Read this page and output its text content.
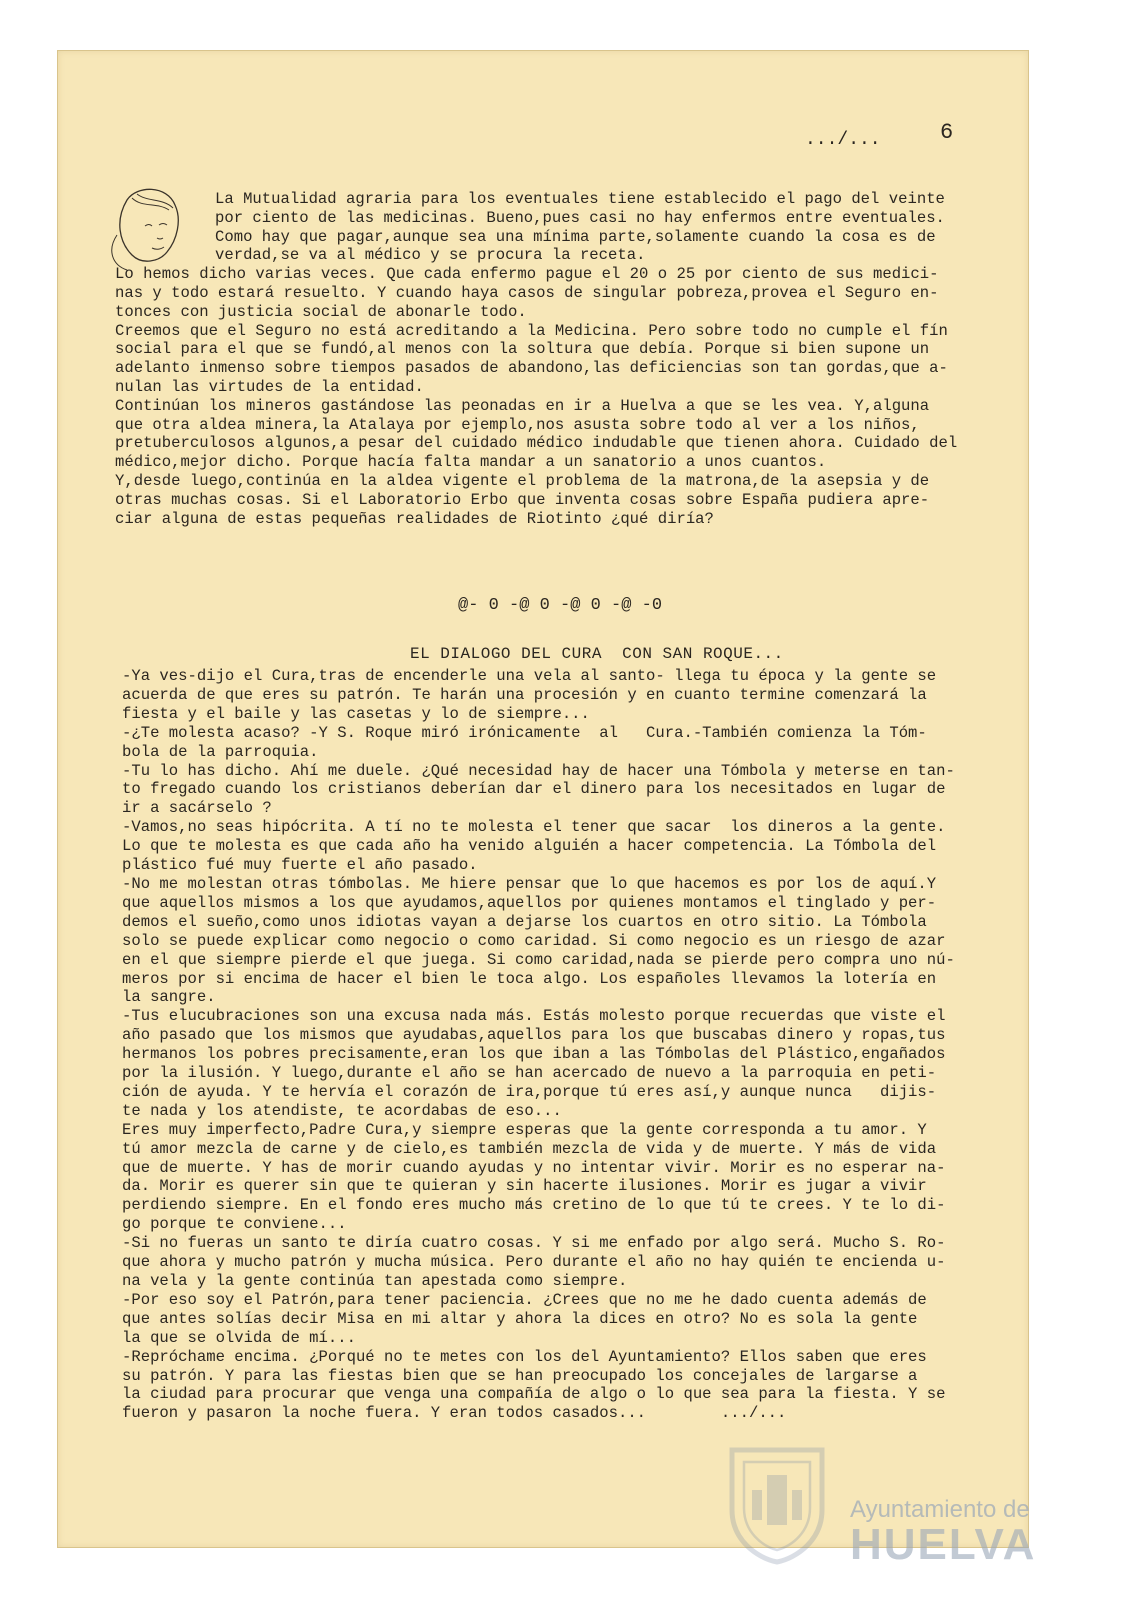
.../...	6

La Mutualidad agraria para los eventuales tiene establecido el pago del veinte

por ciento de las medicinas. Bueno,pues casi no hay enfermos entre eventuales.

Como hay que pagar,aunque sea una mínima parte,solamente cuando la cosa es de

verdad,se va al médico y se procura la receta.

Lo hemos dicho varias veces. Que cada enfermo pague el 20 o 25 por ciento de sus medici-

nas y todo estará resuelto. Y cuando haya casos de singular pobreza,provea el Seguro en-

tonces con justicia social de abonarle todo.

Creemos que el Seguro no está acreditando a la Medicina. Pero sobre todo no cumple el fín

social para el que se fundó,al menos con la soltura que debía. Porque si bien supone un

adelanto inmenso sobre tiempos pasados de abandono,las deficiencias son tan gordas,que a-

nulan las virtudes de la entidad.

Continúan los mineros gastándose las peonadas en ir a Huelva a que se les vea. Y,alguna

que otra aldea minera,la Atalaya por ejemplo,nos asusta sobre todo al ver a los niños,

pretuberculosos algunos,a pesar del cuidado médico indudable que tienen ahora. Cuidado del

médico,mejor dicho. Porque hacía falta mandar a un sanatorio a unos cuantos.

Y,desde luego,continúa en la aldea vigente el problema de la matrona,de la asepsia y de

otras muchas cosas. Si el Laboratorio Erbo que inventa cosas sobre España pudiera apre-

ciar alguna de estas pequeñas realidades de Riotinto ¿qué diría?

@- 0 -@ 0 -@ 0 -@ -0
EL DIALOGO DEL CURA  CON SAN ROQUE...

-Ya ves-dijo el Cura,tras de encenderle una vela al santo- llega tu época y la gente se

acuerda de que eres su patrón. Te harán una procesión y en cuanto termine comenzará la

fiesta y el baile y las casetas y lo de siempre...

-¿Te molesta acaso? -Y S. Roque miró irónicamente  al   Cura.-También comienza la Tóm-

bola de la parroquia.

-Tu lo has dicho. Ahí me duele. ¿Qué necesidad hay de hacer una Tómbola y meterse en tan-

to fregado cuando los cristianos deberían dar el dinero para los necesitados en lugar de

ir a sacárselo ?

-Vamos,no seas hipócrita. A tí no te molesta el tener que sacar  los dineros a la gente.

Lo que te molesta es que cada año ha venido alguién a hacer competencia. La Tómbola del

plástico fué muy fuerte el año pasado.

-No me molestan otras tómbolas. Me hiere pensar que lo que hacemos es por los de aquí.Y

que aquellos mismos a los que ayudamos,aquellos por quienes montamos el tinglado y per-

demos el sueño,como unos idiotas vayan a dejarse los cuartos en otro sitio. La Tómbola

solo se puede explicar como negocio o como caridad. Si como negocio es un riesgo de azar

en el que siempre pierde el que juega. Si como caridad,nada se pierde pero compra uno nú-

meros por si encima de hacer el bien le toca algo. Los españoles llevamos la lotería en

la sangre.

-Tus elucubraciones son una excusa nada más. Estás molesto porque recuerdas que viste el

año pasado que los mismos que ayudabas,aquellos para los que buscabas dinero y ropas,tus

hermanos los pobres precisamente,eran los que iban a las Tómbolas del Plástico,engañados

por la ilusión. Y luego,durante el año se han acercado de nuevo a la parroquia en peti-

ción de ayuda. Y te hervía el corazón de ira,porque tú eres así,y aunque nunca   dijis-

te nada y los atendiste, te acordabas de eso...

Eres muy imperfecto,Padre Cura,y siempre esperas que la gente corresponda a tu amor. Y

tú amor mezcla de carne y de cielo,es también mezcla de vida y de muerte. Y más de vida

que de muerte. Y has de morir cuando ayudas y no intentar vivir. Morir es no esperar na-

da. Morir es querer sin que te quieran y sin hacerte ilusiones. Morir es jugar a vivir

perdiendo siempre. En el fondo eres mucho más cretino de lo que tú te crees. Y te lo di-

go porque te conviene...

-Si no fueras un santo te diría cuatro cosas. Y si me enfado por algo será. Mucho S. Ro-

que ahora y mucho patrón y mucha música. Pero durante el año no hay quién te encienda u-

na vela y la gente continúa tan apestada como siempre.

-Por eso soy el Patrón,para tener paciencia. ¿Crees que no me he dado cuenta además de

que antes solías decir Misa en mi altar y ahora la dices en otro? No es sola la gente

la que se olvida de mí...

-Repróchame encima. ¿Porqué no te metes con los del Ayuntamiento? Ellos saben que eres

su patrón. Y para las fiestas bien que se han preocupado los concejales de largarse a

la ciudad para procurar que venga una compañía de algo o lo que sea para la fiesta. Y se

fueron y pasaron la noche fuera. Y eran todos casados...        .../...

Ayuntamiento de
HUELVA
